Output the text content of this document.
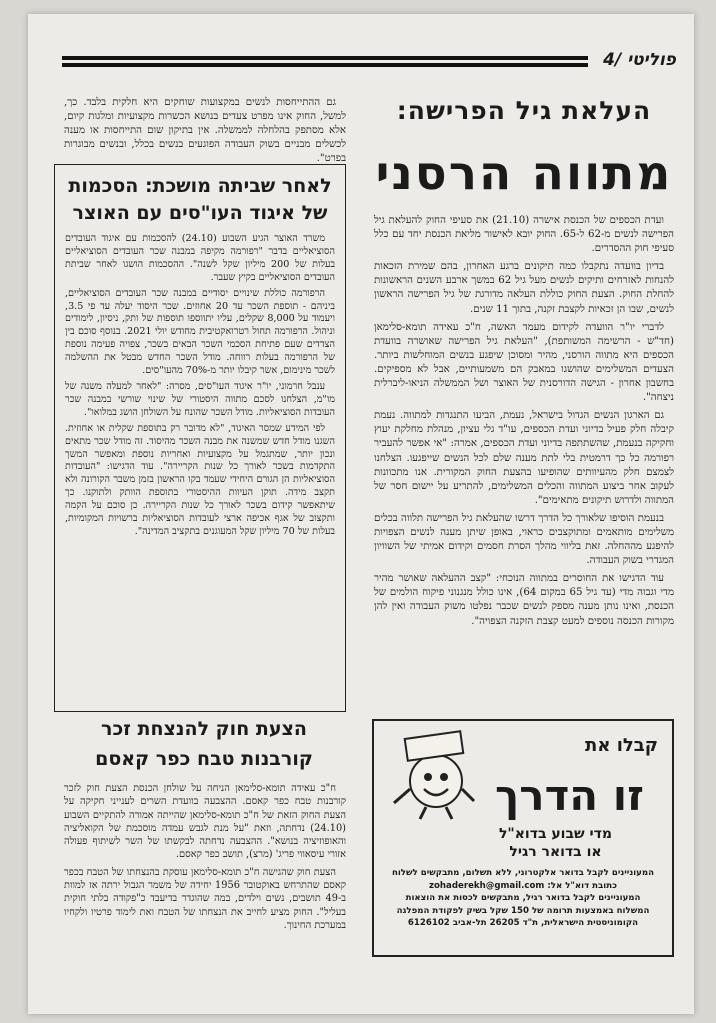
פוליטי /4

גם ההתייחסות לנשים במקצועות שוחקים היא חלקית בלבד. כך, למשל, החוק אינו מפרט צעדים בנושא הכשרות מקצועיות ומלגות קיום, אלא מסתפק בהלחלה לממשלה. אין בתיקון שום התייחסות או מענה לכשלים מבניים בשוק העבודה הפוגעים בנשים בכלל, ובנשים מבוגרות בפרט".

לאחר שביתה מושכת: הסכמות
של איגוד העו"סים עם האוצר

משרד האוצר הגיע השבוע (24.10) להסכמות עם איגוד העובדים הסוציאליים בדבר "רפורמה מקיפה במבנה שכר העובדים הסוציאליים בעלות של 200 מיליון שקל לשנה". ההסכמות הושגו לאחר שביתת העובדים הסוציאליים בקיץ שעבר.

הרפורמה כוללת שינויים יסודיים במבנה שכר העובדים הסוציאליים, ביניהם - תוספת השכר עד 20 אחוזים. שכר היסוד יעלה עד פי 3.5, ויעמוד על 8,000 שקלים, עליו יתווספו תוספות של ותק, ניסיון, לימודים וניהול. הרפורמה תחול רטרואקטיבית מחודש יולי 2021. בנוסף סוכם בין הצדדים שעם פתיחת הסכמי השכר הבאים בשכר, צפויה פעימה נוספת של הרפורמה בעלות רווחה. מודל השכר החדש מבטל את ההשלמה לשכר מינימום, אשר קיבלו יותר מ-70% מהעו"סים.

ענבל חרמוני, יו"ר איגוד העו"סים, מסרה: "לאחר למעלה משנה של מו"מ, הצלחנו לסכם מתווה היסטורי של שינוי שורשי במבנה שכר העובדות הסוציאליות. מודל השכר שהונח על השולחן הושג במלואו".

לפי המידע שמסר האיגוד, "לא מדובר רק בתוספת שקלית או אחוזית. השגנו מודל חדש שמשנה את מבנה השכר מהיסוד. זה מודל שכר מתאים ונכון יותר, שמתגמל על מקצועיות ואחריות נוספת ומאפשר המשך התקדמות בשכר לאורך כל שנות הקריירה". עוד הדגישו: "העובדות הסוציאליות הן הגורם היחידי שעמד בקו הראשון בזמן משבר הקורונה ולא תקצב מידה. תוקן העיוות ההיסטורי בתוספת הוותק ולתוקנו. כך שיתאפשר קידום בשכר לאורך כל שנות הקריירה. כן סוכם על הקמה ותקצוב של אגף אכיפה ארצי לעובדות הסוציאליות ברשויות המקומיות, בעלות של 70 מיליון שקל המעוגנים בתקציב המדינה".

הצעת חוק להנצחת זכר
קורבנות טבח כפר קאסם

ח"כ עאידה תומא-סלימאן הניחה על שולחן הכנסת הצעת חוק לזכר קורבנות טבח כפר קאסם. ההצבעה בוועדת השרים לענייני חקיקה על הצעת החוק הזאת של ח"כ תומא-סלימאן שהייתה אמורה להתקיים השבוע (24.10) נדחתה, וזאת "על מנת לגבש עמדה מוסכמת של הקואליציה והאופוזיציה בנושא". ההצבעה נדחתה לבקשתו של השר לשיתוף פעולה אזורי עיסאווי פריג' (מרצ), תושב כפר קאסם.

הצעת חוק שהגישה ח"כ תומא-סלימאן עוסקת בהנצחתו של הטבח בכפר קאסם שהתרחש באוקטובר 1956 יחידה של משמר הגבול ירתה אז למוות ב-49 תושבים, נשים וילדים, במה שהוגדר בדיעבד כ"פקודה בלתי חוקית בעליל". החוק מציע לחייב את הנצחתו של הטבח ואת לימוד פרטיו ולקחיו במערכת החינוך.

העלאת גיל הפרישה:
מתווה הרסני

ועדת הכספים של הכנסת אישרה (21.10) את סעיפי החוק להעלאת גיל הפרישה לנשים מ-62 ל-65. החוק יובא לאישור מליאת הכנסת יחד עם כלל סעיפי חוק ההסדרים.

בדיון בוועדה נתקבלו כמה תיקונים ברגע האחרון, בהם שמירת הזכאות להנחות לאזרחים ותיקים לנשים מעל גיל 62 במשך ארבע השנים הראשונות להחלת החוק. הצעת החוק כוללת העלאה מדורגת של גיל הפרישה הראשון לנשים, שבו הן זכאיות לקצבת זקנה, בתוך 11 שנים.

לדברי יו"ר הוועדה לקידום מעמד האשה, ח"כ עאידה תומא-סלימאן (חד"ש - הרשימה המשותפת), "העלאת גיל הפרישה שאושרה בוועדת הכספים היא מתווה הורסני, מהיר ומסוכן שיפגע בנשים המוחלשות ביותר. הצעדים המשלימים שהושגו במאבק הם משמעותיים, אבל לא מספיקים. בחשבון אחרון - הגישה הדורסנית של האוצר ושל הממשלה הניאו-ליברלית ניצחה".

גם הארגון הנשים הגדול בישראל, נעמת, הביעו התנגדות למתווה. נעמת קיבלה חלק פעיל בדיוני ועדת הכספים, עו"ד גלי עציון, מנהלת מחלקת יעוץ וחקיקה בנעמת, שהשתתפה בדיוני ועדת הכספים, אמרה: "אי אפשר להעביר רפורמה כל כך דרמטית בלי לתת מענה שלם לכל הנשים שייפגעו. הצלחנו לצמצם חלק מהעיוותים שהופיעו בהצעת החוק המקורית. אנו מתכוונות לעקוב אחר ביצוע המתווה והכלים המשלימים, להתריע על יישום חסר של המתווה ולדרוש תיקונים מתאימים".

בנעמת הוסיפו שלאורך כל הדרך דרשו שהעלאת גיל הפרישה תלווה בכלים משלימים מותאמים ומתוקצבים כראוי, באופן שיתן מענה לנשים הצפויות להיפגע מההחלה. זאת בליווי מהלך הסרת חסמים וקידום אמיתי של השוויון המגדרי בשוק העבודה.

עוד הדגישו את החוסרים במתווה הנוכחי: "קצב ההעלאה שאושר מהיר מדי וגבוה מדי (עד גיל 65 במקום 64), אינו כולל מנגנוני פיקוח הולמים של הכנסת, ואינו נותן מענה מספק לנשים שכבר נפלטו משוק העבודה ואין להן מקורות הכנסה נוספים למעט קצבת הזקנה הצפויה".

קבלו את
זו הדרך
מדי שבוע בדוא"ל
או בדואר רגיל
המעוניינים לקבל בדואר אלקטרוני, ללא תשלום, מתבקשים לשלוח
כתובת דוא"ל אל: zohaderekh@gmail.com
המעוניינים לקבל בדואר רגיל, מתבקשים לכסות את הוצאות
המשלוח באמצעות תרומה של 150 שקל בשיק לפקודת המפלגה
הקומוניסטית הישראלית, ת"ד 26205 תל-אביב 6126102
